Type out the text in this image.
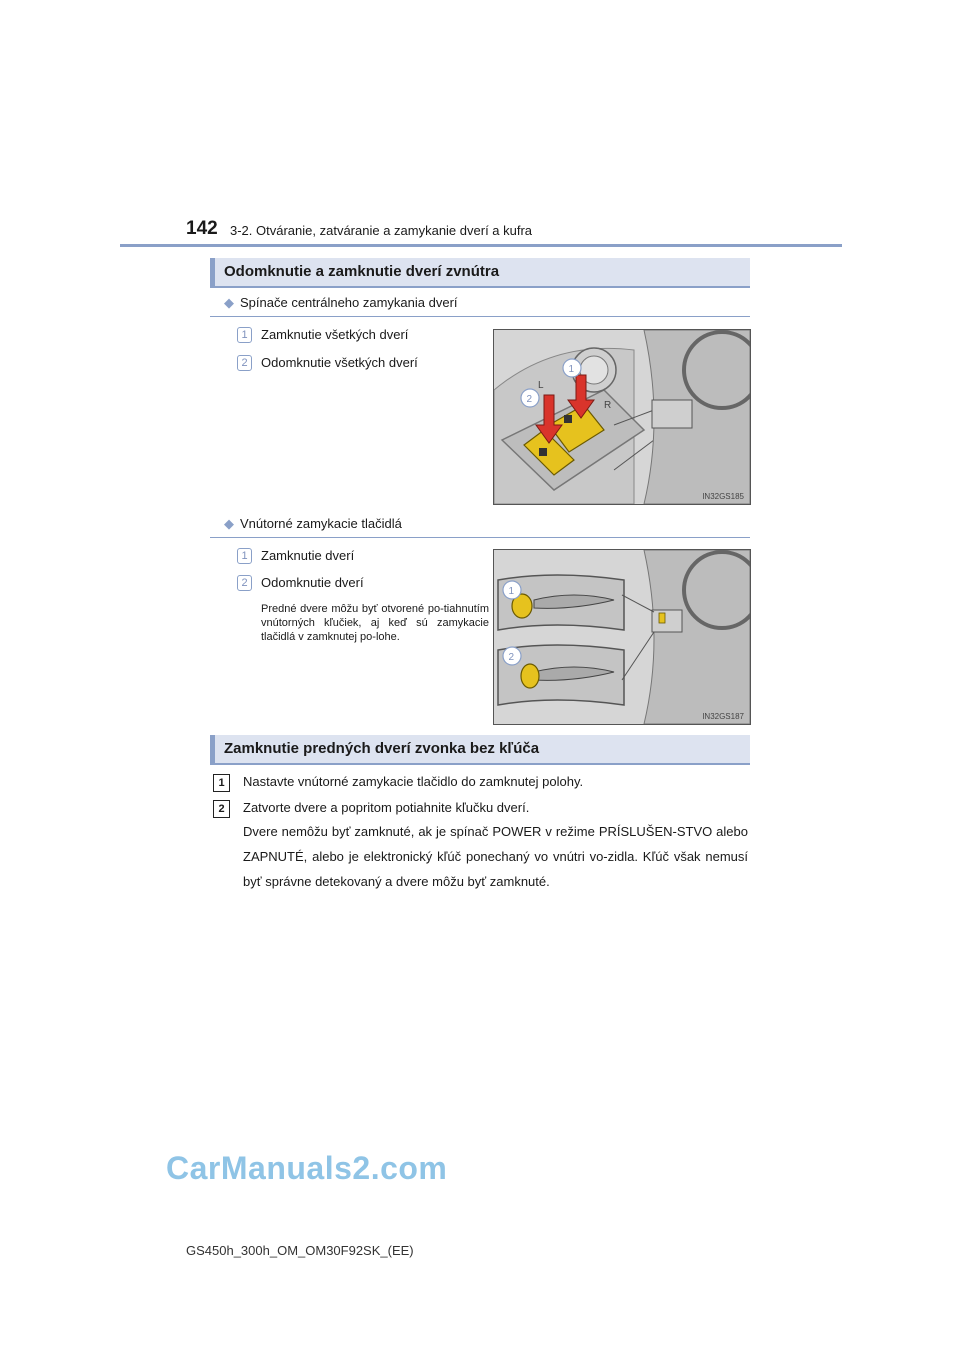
142 3-2. Otváranie, zatváranie a zamykanie dverí a kufra
Odomknutie a zamknutie dverí zvnútra
◆ Spínače centrálneho zamykania dverí
1	Zamknutie všetkých dverí
2	Odomknutie všetkých dverí
L
R
1
2
IN32GS185
◆ Vnútorné zamykacie tlačidlá
1	Zamknutie dverí
2	Odomknutie dverí
Predné dvere môžu byť otvorené po-tiahnutím vnútorných kľučiek, aj keď sú zamykacie tlačidlá v zamknutej po-lohe.
1
2
IN32GS187
Zamknutie predných dverí zvonka bez kľúča
1	Nastavte vnútorné zamykacie tlačidlo do zamknutej polohy.
2	Zatvorte dvere a popritom potiahnite kľučku dverí.
Dvere nemôžu byť zamknuté, ak je spínač POWER v režime PRÍSLUŠEN-STVO alebo ZAPNUTÉ, alebo je elektronický kľúč ponechaný vo vnútri vo-zidla. Kľúč však nemusí byť správne detekovaný a dvere môžu byť zamknuté.
CarManuals2.com
GS450h_300h_OM_OM30F92SK_(EE)
